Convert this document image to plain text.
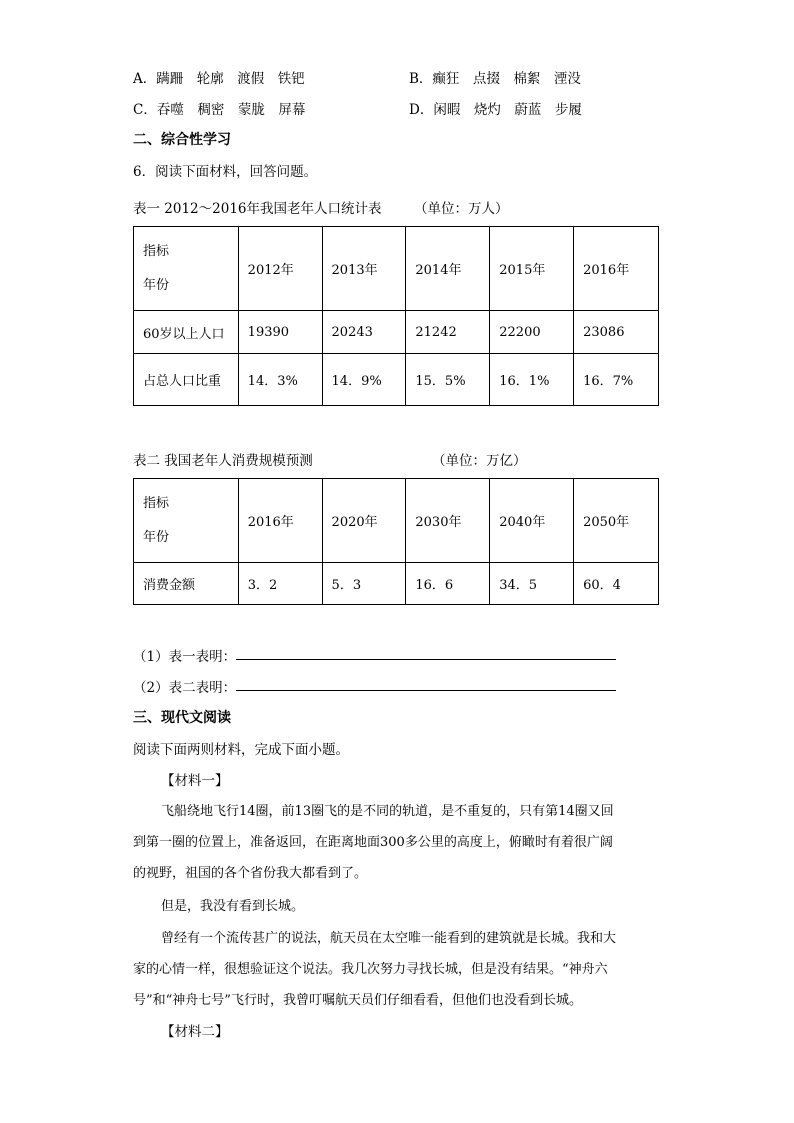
A．蹒跚　轮廓　渡假　铁钯	B．癫狂　点掇　棉絮　湮没
C．吞噬　稠密　蒙胧　屏幕	D．闲暇　烧灼　蔚蓝　步履
二、综合性学习
6．阅读下面材料，回答问题。
表一 2012～2016年我国老年人口统计表 （单位：万人）
指标
年份	2012年	2013年	2014年	2015年	2016年
60岁以上人口	19390	20243	21242	22200	23086
占总人口比重	14．3%	14．9%	15．5%	16．1%	16．7%
表二 我国老年人消费规模预测	（单位：万亿）
指标
年份	2016年	2020年	2030年	2040年	2050年
消费金额	3．2	5．3	16．6	34．5	60．4
（1）表一表明：
（2）表二表明：
三、现代文阅读
阅读下面两则材料，完成下面小题。
【材料一】
飞船绕地飞行14圈，前13圈飞的是不同的轨道，是不重复的，只有第14圈又回
到第一圈的位置上，准备返回，在距离地面300多公里的高度上，俯瞰时有着很广阔
的视野，祖国的各个省份我大都看到了。
但是，我没有看到长城。
曾经有一个流传甚广的说法，航天员在太空唯一能看到的建筑就是长城。我和大
家的心情一样，很想验证这个说法。我几次努力寻找长城，但是没有结果。“神舟六
号”和“神舟七号”飞行时，我曾叮嘱航天员们仔细看看，但他们也没看到长城。
【材料二】
